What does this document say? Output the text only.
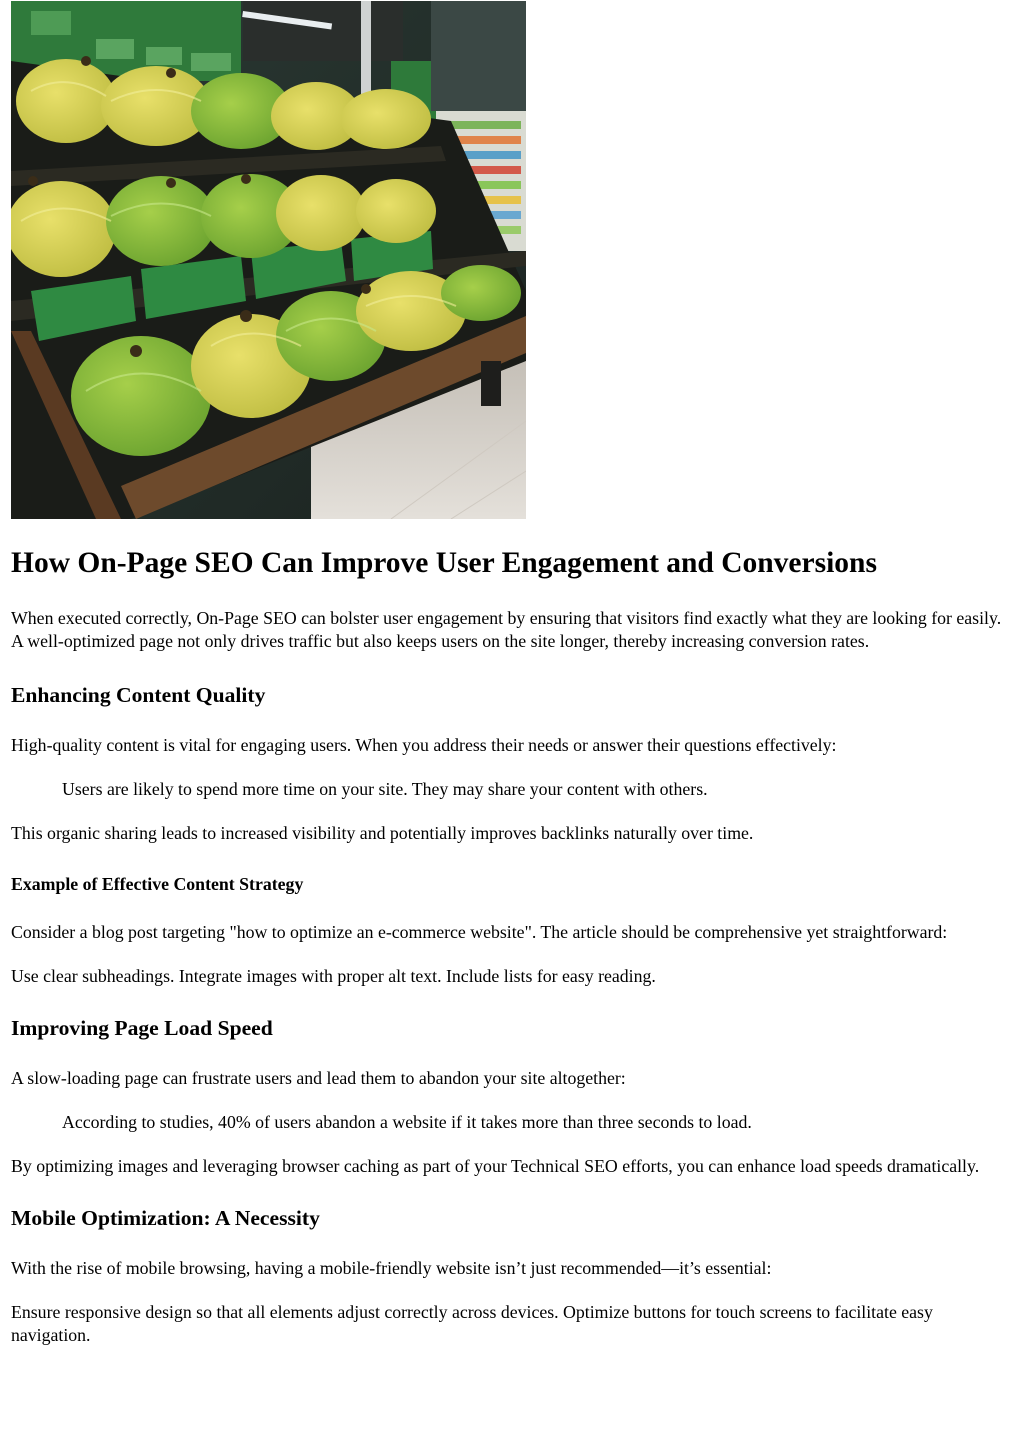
How On-Page SEO Can Improve User Engagement and Conversions

When executed correctly, On-Page SEO can bolster user engagement by ensuring that visitors find exactly what they are looking for easily. A well-optimized page not only drives traffic but also keeps users on the site longer, thereby increasing conversion rates.

Enhancing Content Quality

High-quality content is vital for engaging users. When you address their needs or answer their questions effectively:

Users are likely to spend more time on your site. They may share your content with others.

This organic sharing leads to increased visibility and potentially improves backlinks naturally over time.

Example of Effective Content Strategy

Consider a blog post targeting "how to optimize an e-commerce website". The article should be comprehensive yet straightforward:

Use clear subheadings. Integrate images with proper alt text. Include lists for easy reading.

Improving Page Load Speed

A slow-loading page can frustrate users and lead them to abandon your site altogether:

According to studies, 40% of users abandon a website if it takes more than three seconds to load.

By optimizing images and leveraging browser caching as part of your Technical SEO efforts, you can enhance load speeds dramatically.

Mobile Optimization: A Necessity

With the rise of mobile browsing, having a mobile-friendly website isn’t just recommended—it’s essential:

Ensure responsive design so that all elements adjust correctly across devices. Optimize buttons for touch screens to facilitate easy navigation.
